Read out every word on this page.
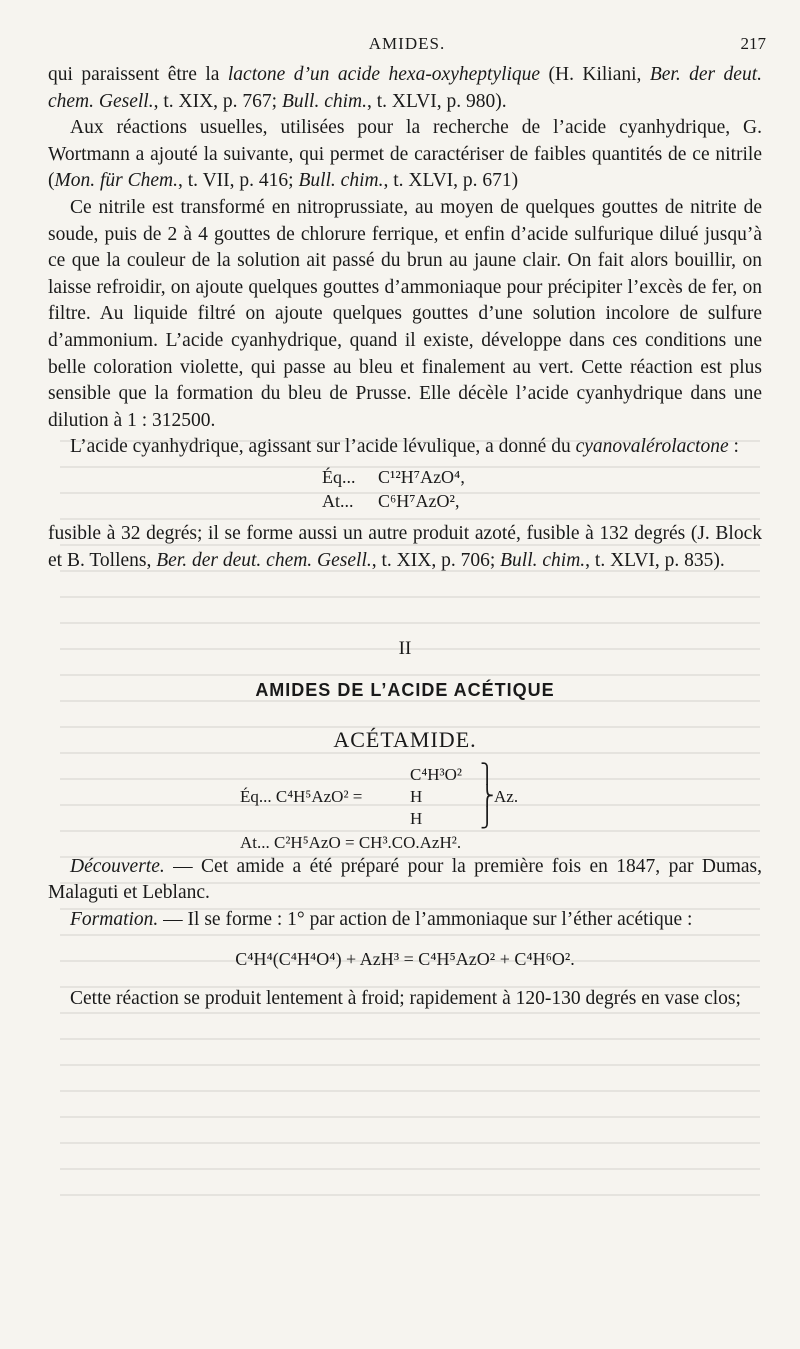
AMIDES.	217

qui paraissent être la lactone d’un acide hexa-oxyheptylique (H. Kiliani, Ber. der deut. chem. Gesell., t. XIX, p. 767; Bull. chim., t. XLVI, p. 980).

Aux réactions usuelles, utilisées pour la recherche de l’acide cyanhydrique, G. Wortmann a ajouté la suivante, qui permet de caractériser de faibles quantités de ce nitrile (Mon. für Chem., t. VII, p. 416; Bull. chim., t. XLVI, p. 671)

Ce nitrile est transformé en nitroprussiate, au moyen de quelques gouttes de nitrite de soude, puis de 2 à 4 gouttes de chlorure ferrique, et enfin d’acide sulfurique dilué jusqu’à ce que la couleur de la solution ait passé du brun au jaune clair. On fait alors bouillir, on laisse refroidir, on ajoute quelques gouttes d’ammoniaque pour précipiter l’excès de fer, on filtre. Au liquide filtré on ajoute quelques gouttes d’une solution incolore de sulfure d’ammonium. L’acide cyanhydrique, quand il existe, développe dans ces conditions une belle coloration violette, qui passe au bleu et finalement au vert. Cette réaction est plus sensible que la formation du bleu de Prusse. Elle décèle l’acide cyanhydrique dans une dilution à 1 : 312500.

L’acide cyanhydrique, agissant sur l’acide lévulique, a donné du cyanovalérolactone :

Éq... C¹²H⁷AzO⁴,
At... C⁶H⁷AzO²,

fusible à 32 degrés; il se forme aussi un autre produit azoté, fusible à 132 degrés (J. Block et B. Tollens, Ber. der deut. chem. Gesell., t. XIX, p. 706; Bull. chim., t. XLVI, p. 835).

II
AMIDES DE L’ACIDE ACÉTIQUE
ACÉTAMIDE.
Éq... C⁴H⁵AzO² =
C⁴H³O²
H
H
⎫
⎬
⎭
Az.
At... C²H⁵AzO = CH³.CO.AzH².

Découverte. — Cet amide a été préparé pour la première fois en 1847, par Dumas, Malaguti et Leblanc.

Formation. — Il se forme : 1° par action de l’ammoniaque sur l’éther acétique :

C⁴H⁴(C⁴H⁴O⁴) + AzH³ = C⁴H⁵AzO² + C⁴H⁶O².

Cette réaction se produit lentement à froid; rapidement à 120-130 degrés en vase clos;
